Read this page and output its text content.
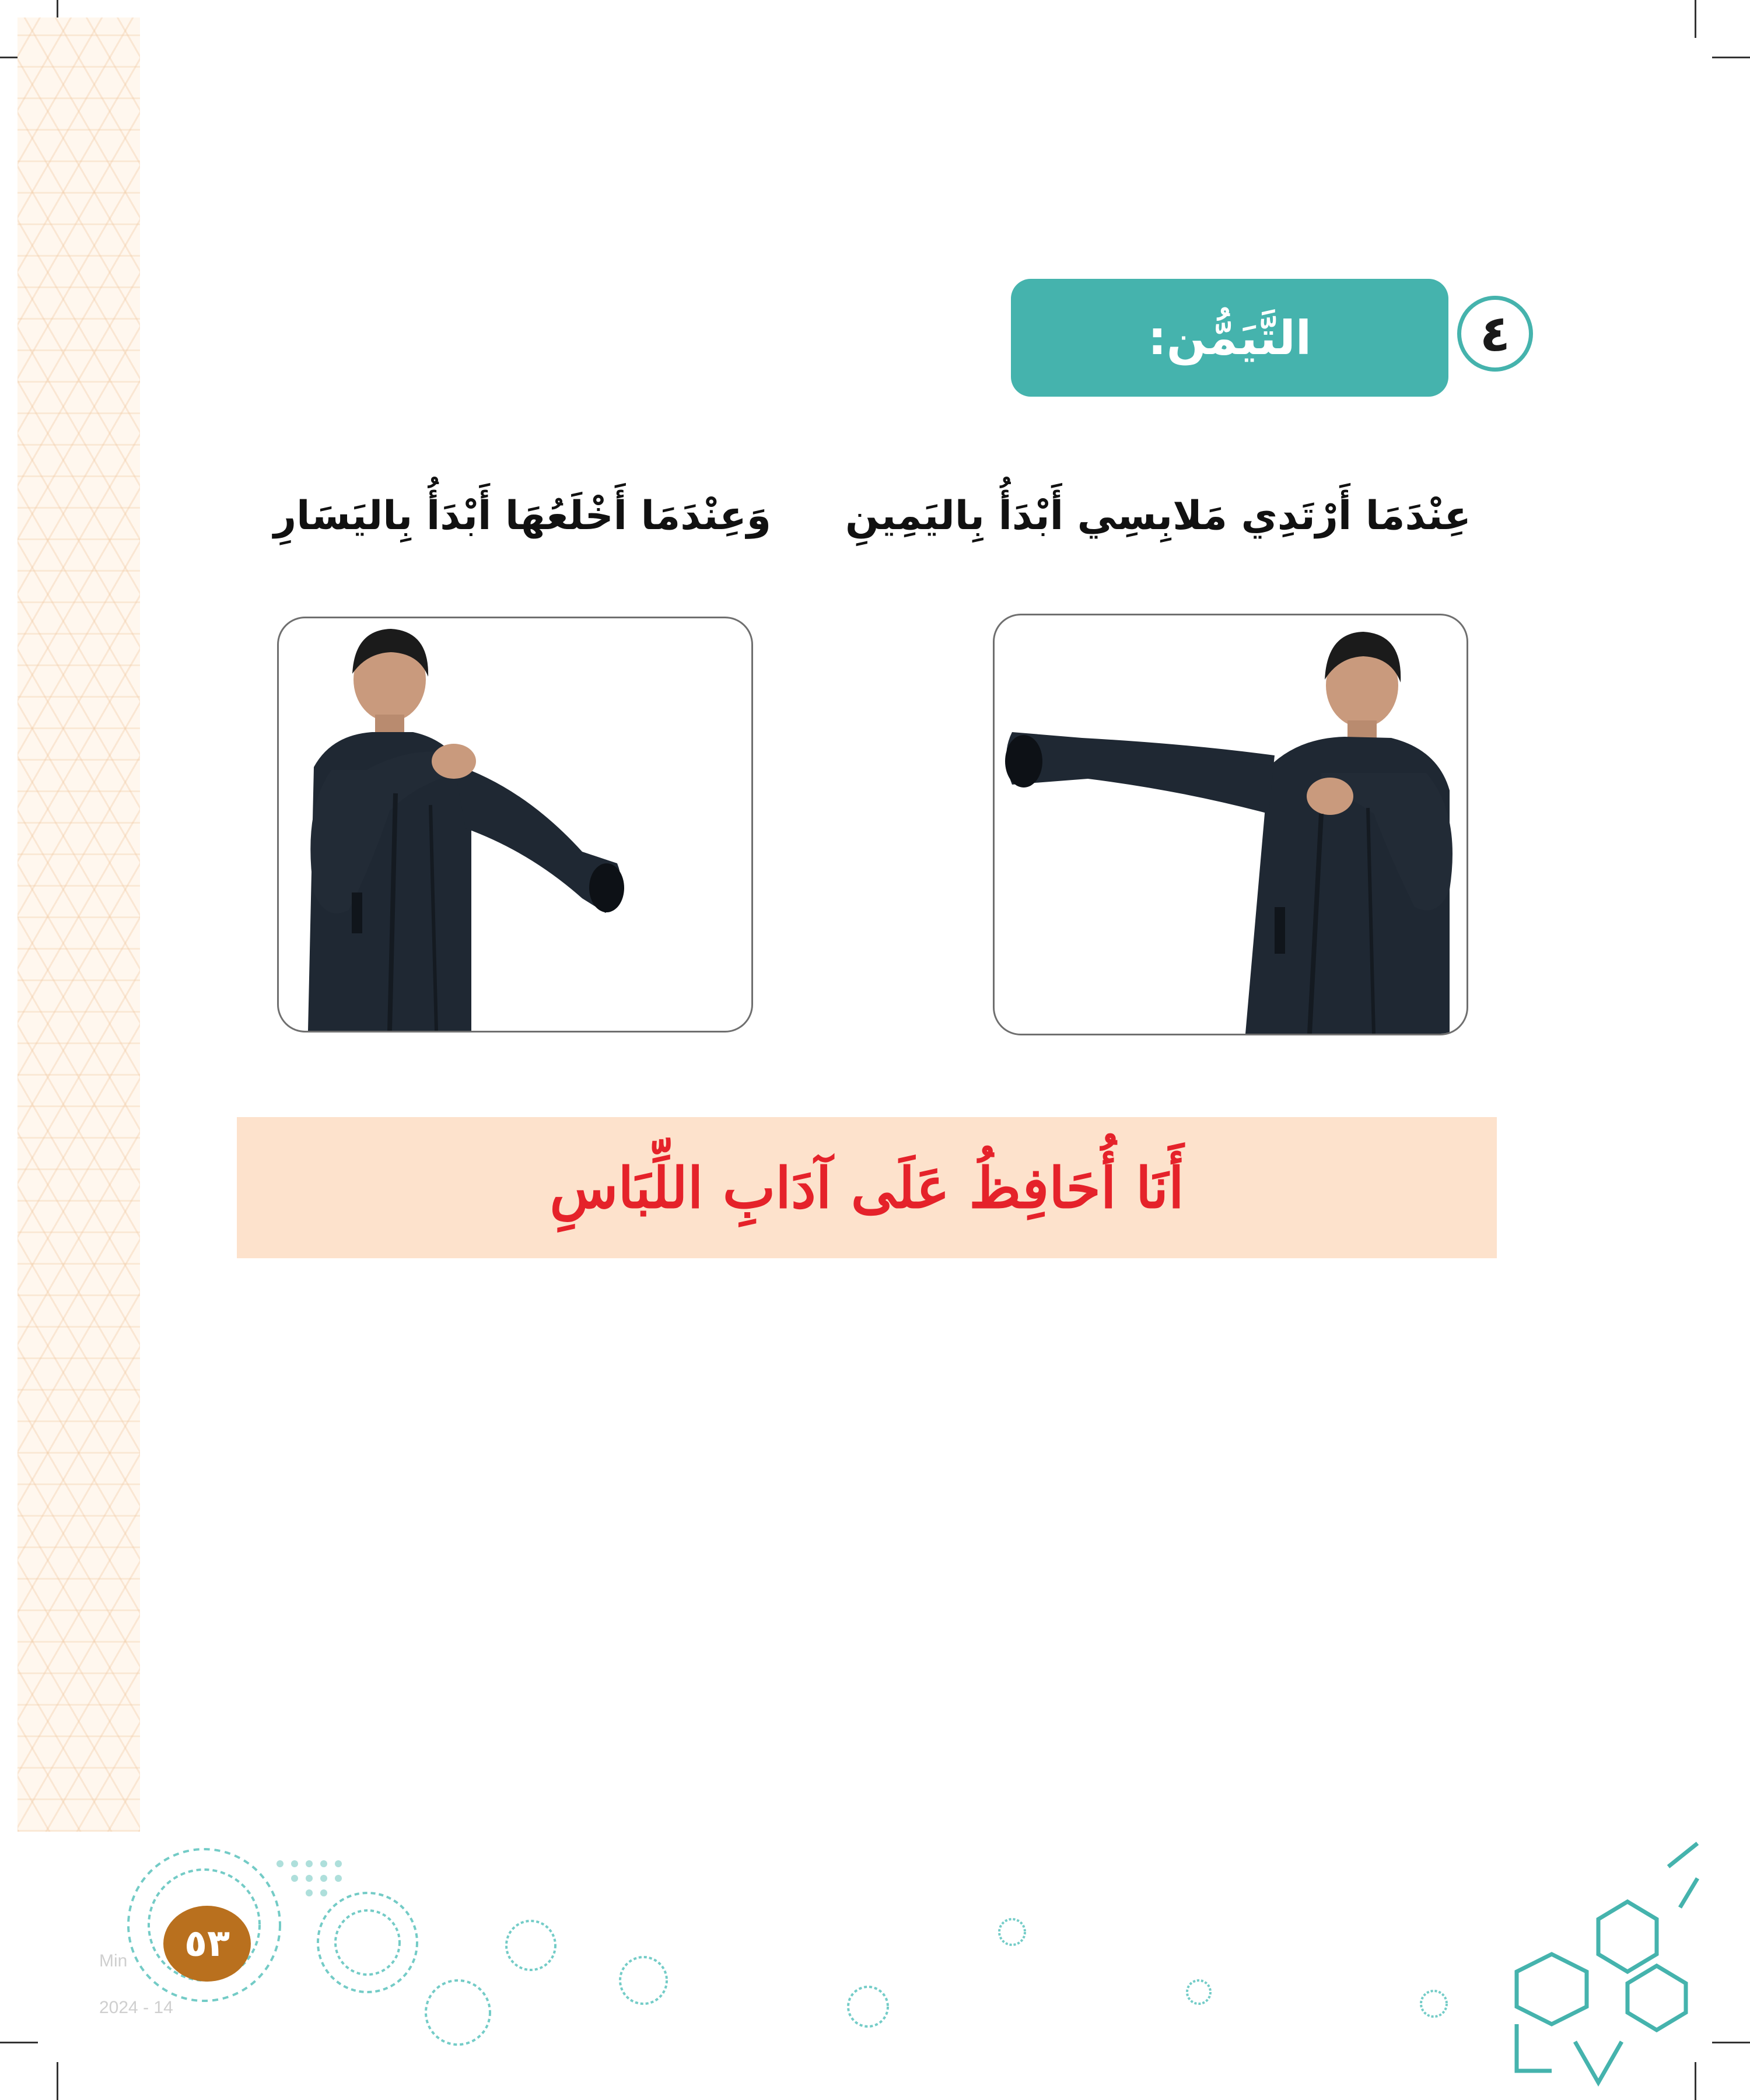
التَّيَمُّن:	٤
عِنْدَمَا أَرْتَدِي مَلابِسِي أَبْدَأُ بِاليَمِينِ
وَعِنْدَمَا أَخْلَعُهَا أَبْدَأُ بِاليَسَارِ
أَنَا أُحَافِظُ عَلَى آدَابِ اللِّبَاسِ
Min
2024 - 14
٥٣
